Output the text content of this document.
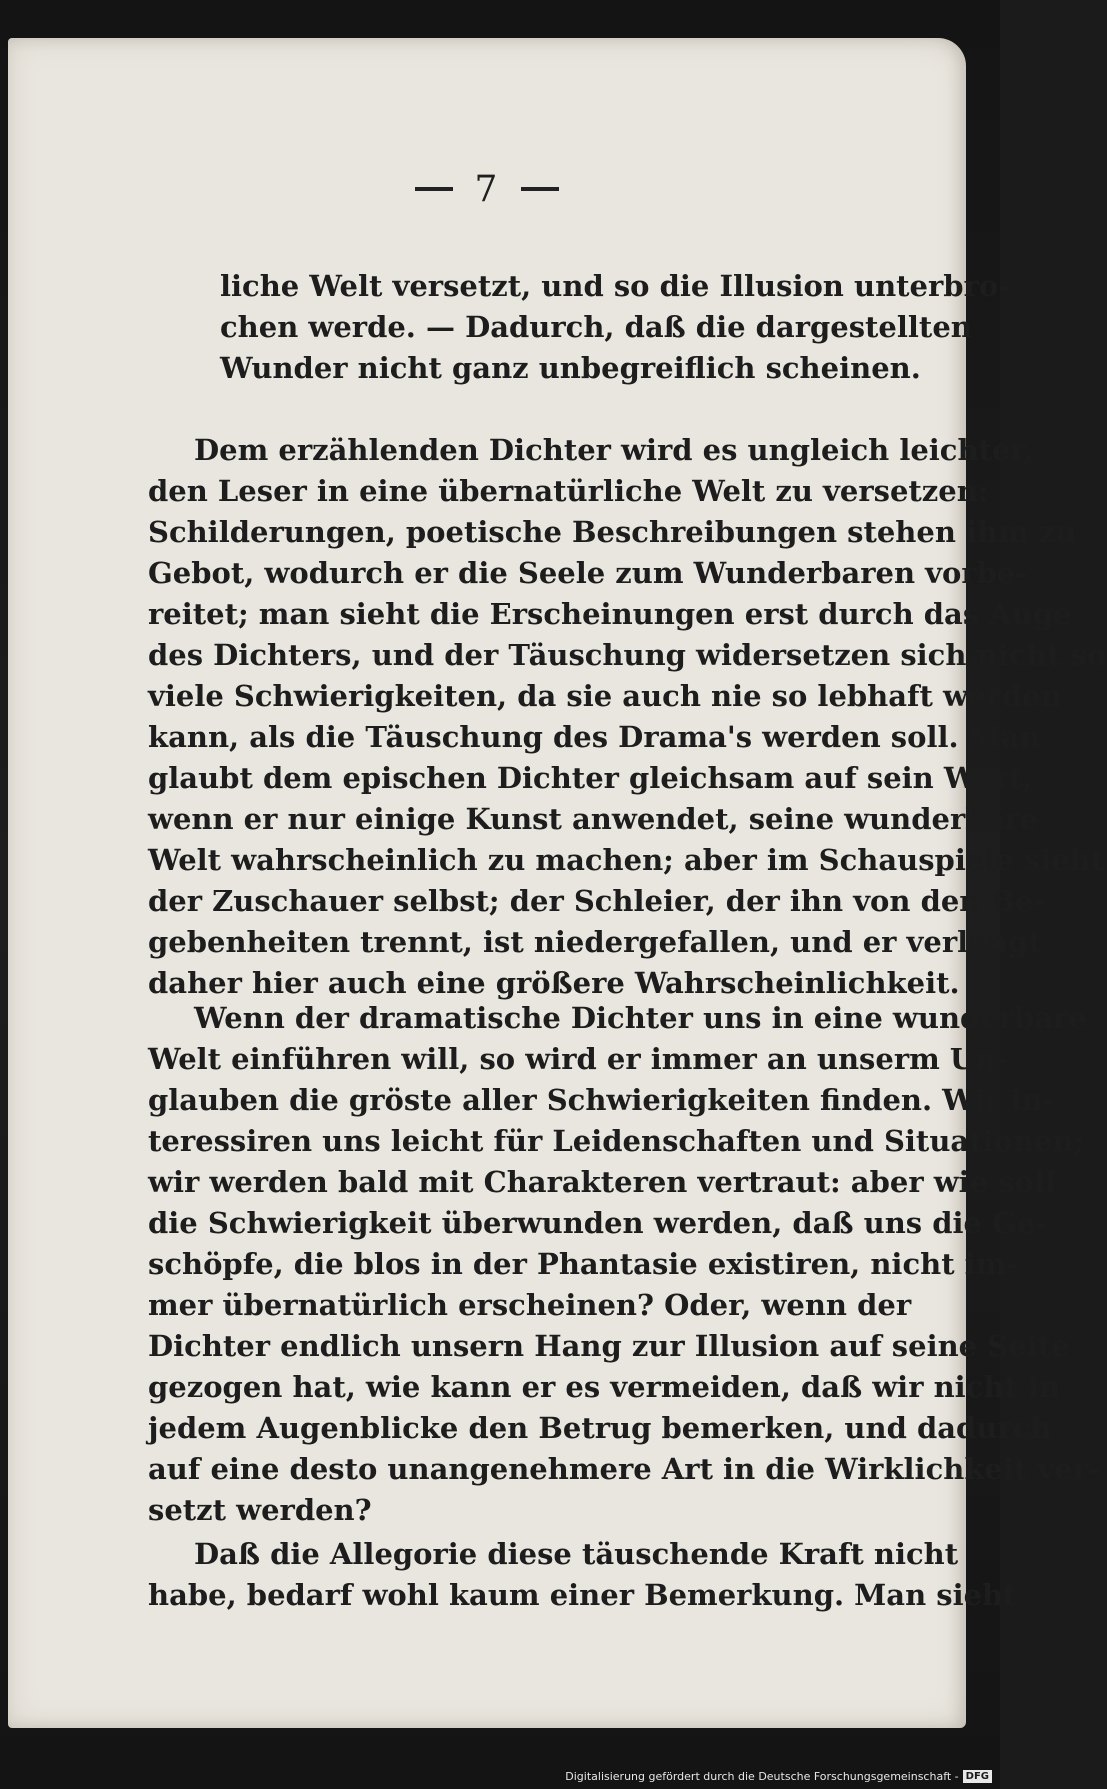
7
liche Welt versetzt, und so die Illusion unterbro-
chen werde. — Dadurch, daß die dargestellten
Wunder nicht ganz unbegreiflich scheinen.
Dem erzählenden Dichter wird es ungleich leichter,
den Leser in eine übernatürliche Welt zu versetzen:
Schilderungen, poetische Beschreibungen stehen ihm zu
Gebot, wodurch er die Seele zum Wunderbaren vorbe-
reitet; man sieht die Erscheinungen erst durch das Auge
des Dichters, und der Täuschung widersetzen sich nicht so
viele Schwierigkeiten, da sie auch nie so lebhaft werden
kann, als die Täuschung des Drama's werden soll. Man
glaubt dem epischen Dichter gleichsam auf sein Wort,
wenn er nur einige Kunst anwendet, seine wunderbare
Welt wahrscheinlich zu machen; aber im Schauspiele sieht
der Zuschauer selbst; der Schleier, der ihn von den Be-
gebenheiten trennt, ist niedergefallen, und er verlangt
daher hier auch eine größere Wahrscheinlichkeit.
Wenn der dramatische Dichter uns in eine wunderbare
Welt einführen will, so wird er immer an unserm Un-
glauben die gröste aller Schwierigkeiten finden. Wir in-
teressiren uns leicht für Leidenschaften und Situationen;
wir werden bald mit Charakteren vertraut: aber wie soll
die Schwierigkeit überwunden werden, daß uns die Ge-
schöpfe, die blos in der Phantasie existiren, nicht im-
mer übernatürlich erscheinen? Oder, wenn der
Dichter endlich unsern Hang zur Illusion auf seine Seite
gezogen hat, wie kann er es vermeiden, daß wir nicht in
jedem Augenblicke den Betrug bemerken, und dadurch
auf eine desto unangenehmere Art in die Wirklichkeit ver-
setzt werden?
Daß die Allegorie diese täuschende Kraft nicht
habe, bedarf wohl kaum einer Bemerkung. Man sieht
Digitalisierung gefördert durch die Deutsche Forschungsgemeinschaft - DFG
